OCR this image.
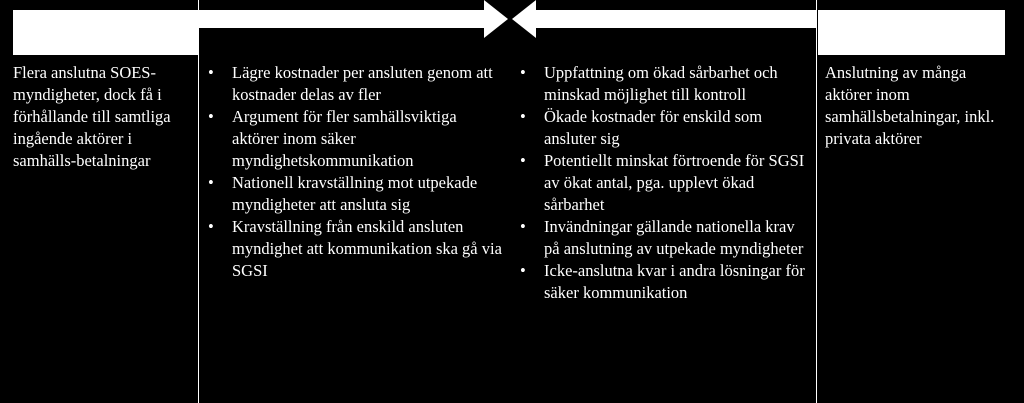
Flera anslutna SOES-myndigheter, dock få i förhållande till samtliga ingående aktörer i samhälls-betalningar
• Lägre kostnader per ansluten genom att kostnader delas av fler
• Argument för fler samhällsviktiga aktörer inom säker myndighetskommunikation
• Nationell kravställning mot utpekade myndigheter att ansluta sig
• Kravställning från enskild ansluten myndighet att kommunikation ska gå via SGSI
• Uppfattning om ökad sårbarhet och minskad möjlighet till kontroll
• Ökade kostnader för enskild som ansluter sig
• Potentiellt minskat förtroende för SGSI av ökat antal, pga. upplevt ökad sårbarhet
• Invändningar gällande nationella krav på anslutning av utpekade myndigheter
• Icke-anslutna kvar i andra lösningar för säker kommunikation
Anslutning av många aktörer inom samhällsbetalningar, inkl. privata aktörer
